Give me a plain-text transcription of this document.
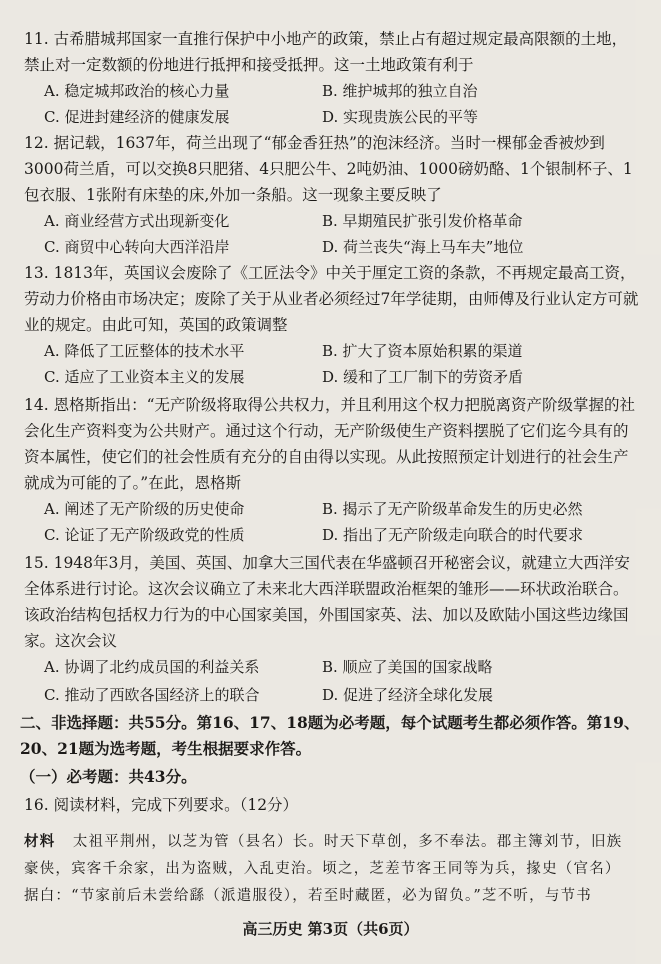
11. 古希腊城邦国家一直推行保护中小地产的政策，禁止占有超过规定最高限额的土地，禁止对一定数额的份地进行抵押和接受抵押。这一土地政策有利于
A. 稳定城邦政治的核心力量	B. 维护城邦的独立自治
C. 促进封建经济的健康发展	D. 实现贵族公民的平等
12. 据记载，1637年，荷兰出现了“郁金香狂热”的泡沫经济。当时一棵郁金香被炒到3000荷兰盾，可以交换8只肥猪、4只肥公牛、2吨奶油、1000磅奶酪、1个银制杯子、1包衣服、1张附有床垫的床,外加一条船。这一现象主要反映了
A. 商业经营方式出现新变化	B. 早期殖民扩张引发价格革命
C. 商贸中心转向大西洋沿岸	D. 荷兰丧失“海上马车夫”地位
13. 1813年，英国议会废除了《工匠法令》中关于厘定工资的条款，不再规定最高工资，劳动力价格由市场决定；废除了关于从业者必须经过7年学徒期，由师傅及行业认定方可就业的规定。由此可知，英国的政策调整
A. 降低了工匠整体的技术水平	B. 扩大了资本原始积累的渠道
C. 适应了工业资本主义的发展	D. 缓和了工厂制下的劳资矛盾
14. 恩格斯指出：“无产阶级将取得公共权力，并且利用这个权力把脱离资产阶级掌握的社会化生产资料变为公共财产。通过这个行动，无产阶级使生产资料摆脱了它们迄今具有的资本属性，使它们的社会性质有充分的自由得以实现。从此按照预定计划进行的社会生产就成为可能的了。”在此，恩格斯
A. 阐述了无产阶级的历史使命	B. 揭示了无产阶级革命发生的历史必然
C. 论证了无产阶级政党的性质	D. 指出了无产阶级走向联合的时代要求
15. 1948年3月，美国、英国、加拿大三国代表在华盛顿召开秘密会议，就建立大西洋安全体系进行讨论。这次会议确立了未来北大西洋联盟政治框架的雏形——环状政治联合。该政治结构包括权力行为的中心国家美国，外围国家英、法、加以及欧陆小国这些边缘国家。这次会议
A. 协调了北约成员国的利益关系	B. 顺应了美国的国家战略
C. 推动了西欧各国经济上的联合	D. 促进了经济全球化发展
二、非选择题：共55分。第16、17、18题为必考题，每个试题考生都必须作答。第19、20、21题为选考题，考生根据要求作答。
（一）必考题：共43分。
16. 阅读材料，完成下列要求。（12分）
材料 太祖平荆州，以芝为管（县名）长。时天下草创，多不奉法。郡主簿刘节，旧族豪侠，宾客千余家，出为盗贼，入乱吏治。顷之，芝差节客王同等为兵，掾史（官名）据白：“节家前后未尝给繇（派遣服役），若至时藏匿，必为留负。”芝不听，与节书
高三历史 第3页（共6页）
